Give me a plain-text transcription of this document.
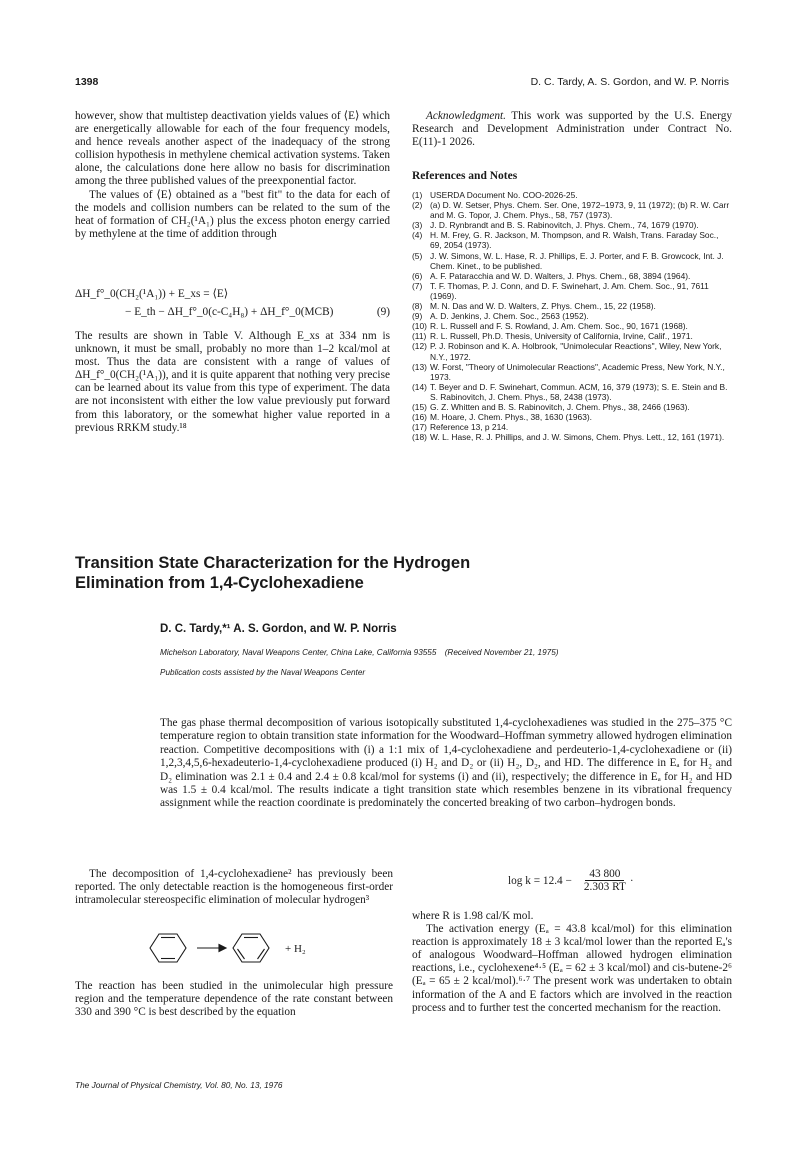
1398	D. C. Tardy, A. S. Gordon, and W. P. Norris

however, show that multistep deactivation yields values of ⟨E⟩ which are energetically allowable for each of the four frequency models, and hence reveals another aspect of the inadequacy of the strong collision hypothesis in methylene chemical activation systems. Taken alone, the calculations done here allow no basis for discrimination among the three published values of the preexponential factor.

The values of ⟨E⟩ obtained as a "best fit" to the data for each of the models and collision numbers can be related to the sum of the heat of formation of CH₂(¹A₁) plus the excess photon energy carried by methylene at the time of addition through

ΔH_f°_0(CH₂(¹A₁)) + E_xs = ⟨E⟩
− E_th − ΔH_f°_0(c-C₄H₈) + ΔH_f°_0(MCB)	(9)

The results are shown in Table V. Although E_xs at 334 nm is unknown, it must be small, probably no more than 1–2 kcal/mol at most. Thus the data are consistent with a range of values of ΔH_f°_0(CH₂(¹A₁)), and it is quite apparent that nothing very precise can be learned about its value from this type of experiment. The data are not inconsistent with either the low value previously put forward from this laboratory, or the somewhat higher value reported in a previous RRKM study.¹⁸

Acknowledgment. This work was supported by the U.S. Energy Research and Development Administration under Contract No. E(11)-1 2026.

References and Notes
(1) USERDA Document No. COO-2026-25.
(2) (a) D. W. Setser, Phys. Chem. Ser. One, 1972–1973, 9, 11 (1972); (b) R. W. Carr and M. G. Topor, J. Chem. Phys., 58, 757 (1973).
(3) J. D. Rynbrandt and B. S. Rabinovitch, J. Phys. Chem., 74, 1679 (1970).
(4) H. M. Frey, G. R. Jackson, M. Thompson, and R. Walsh, Trans. Faraday Soc., 69, 2054 (1973).
(5) J. W. Simons, W. L. Hase, R. J. Phillips, E. J. Porter, and F. B. Growcock, Int. J. Chem. Kinet., to be published.
(6) A. F. Pataracchia and W. D. Walters, J. Phys. Chem., 68, 3894 (1964).
(7) T. F. Thomas, P. J. Conn, and D. F. Swinehart, J. Am. Chem. Soc., 91, 7611 (1969).
(8) M. N. Das and W. D. Walters, Z. Phys. Chem., 15, 22 (1958).
(9) A. D. Jenkins, J. Chem. Soc., 2563 (1952).
(10) R. L. Russell and F. S. Rowland, J. Am. Chem. Soc., 90, 1671 (1968).
(11) R. L. Russell, Ph.D. Thesis, University of California, Irvine, Calif., 1971.
(12) P. J. Robinson and K. A. Holbrook, "Unimolecular Reactions", Wiley, New York, N.Y., 1972.
(13) W. Forst, "Theory of Unimolecular Reactions", Academic Press, New York, N.Y., 1973.
(14) T. Beyer and D. F. Swinehart, Commun. ACM, 16, 379 (1973); S. E. Stein and B. S. Rabinovitch, J. Chem. Phys., 58, 2438 (1973).
(15) G. Z. Whitten and B. S. Rabinovitch, J. Chem. Phys., 38, 2466 (1963).
(16) M. Hoare, J. Chem. Phys., 38, 1630 (1963).
(17) Reference 13, p 214.
(18) W. L. Hase, R. J. Phillips, and J. W. Simons, Chem. Phys. Lett., 12, 161 (1971).
Transition State Characterization for the Hydrogen
Elimination from 1,4-Cyclohexadiene
D. C. Tardy,*¹ A. S. Gordon, and W. P. Norris
Michelson Laboratory, Naval Weapons Center, China Lake, California 93555 (Received November 21, 1975)
Publication costs assisted by the Naval Weapons Center
The gas phase thermal decomposition of various isotopically substituted 1,4-cyclohexadienes was studied in the 275–375 °C temperature region to obtain transition state information for the Woodward–Hoffman symmetry allowed hydrogen elimination reaction. Competitive decompositions with (i) a 1:1 mix of 1,4-cyclohexadiene and perdeuterio-1,4-cyclohexadiene or (ii) 1,2,3,4,5,6-hexadeuterio-1,4-cyclohexadiene produced (i) H₂ and D₂ or (ii) H₂, D₂, and HD. The difference in Eₐ for H₂ and D₂ elimination was 2.1 ± 0.4 and 2.4 ± 0.8 kcal/mol for systems (i) and (ii), respectively; the difference in Eₐ for H₂ and HD was 1.5 ± 0.4 kcal/mol. The results indicate a tight transition state which resembles benzene in its vibrational frequency assignment while the reaction coordinate is predominately the concerted breaking of two carbon–hydrogen bonds.

The decomposition of 1,4-cyclohexadiene² has previously been reported. The only detectable reaction is the homogeneous first-order intramolecular stereospecific elimination of molecular hydrogen³

+ H₂

The reaction has been studied in the unimolecular high pressure region and the temperature dependence of the rate constant between 330 and 390 °C is best described by the equation

$\log k = 12.4 - \frac{43 800}{2.303 RT}$ ·

where R is 1.98 cal/K mol.

The activation energy (Eₐ = 43.8 kcal/mol) for this elimination reaction is approximately 18 ± 3 kcal/mol lower than the reported Eₐ's of analogous Woodward–Hoffman allowed hydrogen elimination reactions, i.e., cyclohexene⁴·⁵ (Eₐ = 62 ± 3 kcal/mol) and cis-butene-2⁶ (Eₐ = 65 ± 2 kcal/mol).⁶·⁷ The present work was undertaken to obtain information of the A and E factors which are involved in the reaction process and to further test the concerted mechanism for the reaction.

The Journal of Physical Chemistry, Vol. 80, No. 13, 1976
